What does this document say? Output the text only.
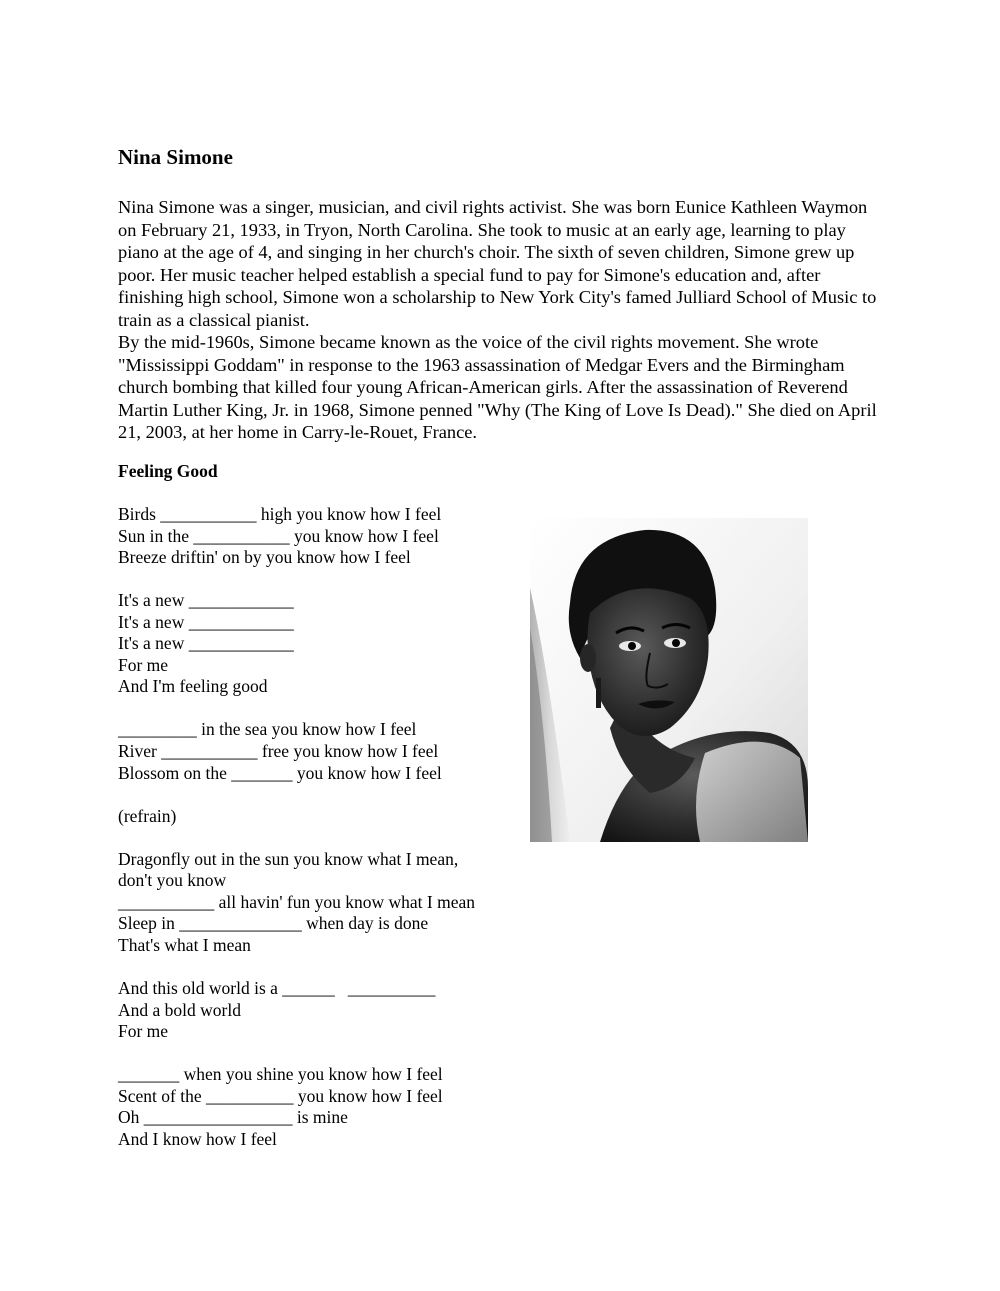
Nina Simone

Nina Simone was a singer, musician, and civil rights activist. She was born Eunice Kathleen Waymon on February 21, 1933, in Tryon, North Carolina. She took to music at an early age, learning to play piano at the age of 4, and singing in her church's choir. The sixth of seven children, Simone grew up poor. Her music teacher helped establish a special fund to pay for Simone's education and, after finishing high school, Simone won a scholarship to New York City's famed Julliard School of Music to train as a classical pianist.

By the mid-1960s, Simone became known as the voice of the civil rights movement. She wrote "Mississippi Goddam" in response to the 1963 assassination of Medgar Evers and the Birmingham church bombing that killed four young African-American girls. After the assassination of Reverend Martin Luther King, Jr. in 1968, Simone penned "Why (The King of Love Is Dead)." She died on April 21, 2003, at her home in Carry-le-Rouet, France.

Feeling Good
Birds ___________ high you know how I feel
Sun in the ___________ you know how I feel
Breeze driftin' on by you know how I feel
It's a new ____________
It's a new ____________
It's a new ____________
For me
And I'm feeling good
_________ in the sea you know how I feel
River ___________ free you know how I feel
Blossom on the _______ you know how I feel
(refrain)
Dragonfly out in the sun you know what I mean, don't you know
___________ all havin' fun you know what I mean
Sleep in ______________ when day is done
That's what I mean
And this old world is a ______   __________
And a bold world
For me
_______ when you shine you know how I feel
Scent of the __________ you know how I feel
Oh _________________ is mine
And I know how I feel
